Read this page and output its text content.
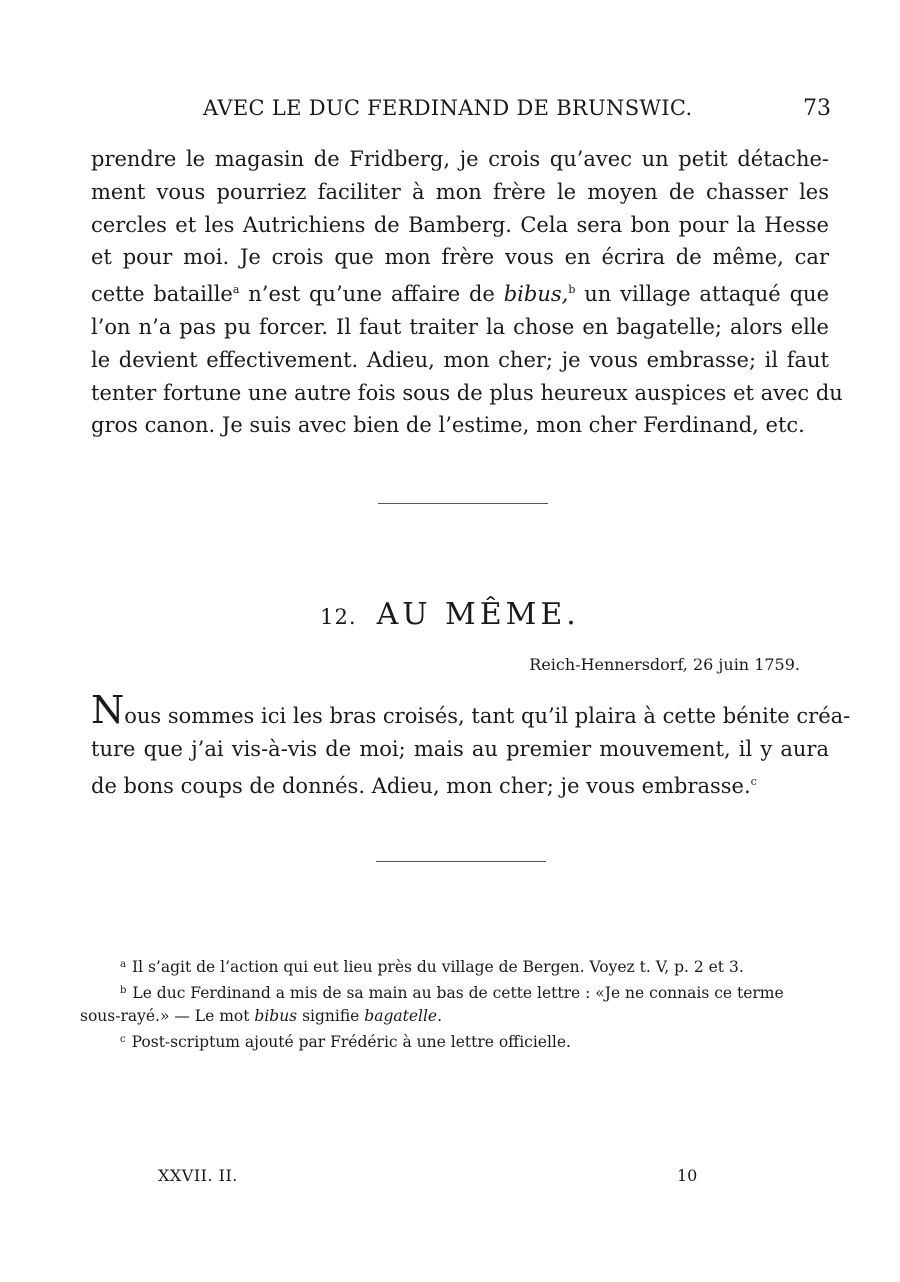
AVEC LE DUC FERDINAND DE BRUNSWIC.	73
prendre le magasin de Fridberg, je crois qu’avec un petit détache-
ment vous pourriez faciliter à mon frère le moyen de chasser les
cercles et les Autrichiens de Bamberg. Cela sera bon pour la Hesse
et pour moi. Je crois que mon frère vous en écrira de même, car
cette bataille$^a$ n’est qu’une affaire de bibus,$^b$ un village attaqué que
l’on n’a pas pu forcer. Il faut traiter la chose en bagatelle; alors elle
le devient effectivement. Adieu, mon cher; je vous embrasse; il faut
tenter fortune une autre fois sous de plus heureux auspices et avec du
gros canon. Je suis avec bien de l’estime, mon cher Ferdinand, etc.
12. AU MÊME.
Reich-Hennersdorf, 26 juin 1759.
Nous sommes ici les bras croisés, tant qu’il plaira à cette bénite créa-
ture que j’ai vis-à-vis de moi; mais au premier mouvement, il y aura
de bons coups de donnés. Adieu, mon cher; je vous embrasse.$^c$
$^a$ Il s’agit de l’action qui eut lieu près du village de Bergen. Voyez t. V, p. 2 et 3.
$^b$ Le duc Ferdinand a mis de sa main au bas de cette lettre : «Je ne connais ce terme sous-rayé.» — Le mot bibus signifie bagatelle.
$^c$ Post-scriptum ajouté par Frédéric à une lettre officielle.
XXVII. II.	10
